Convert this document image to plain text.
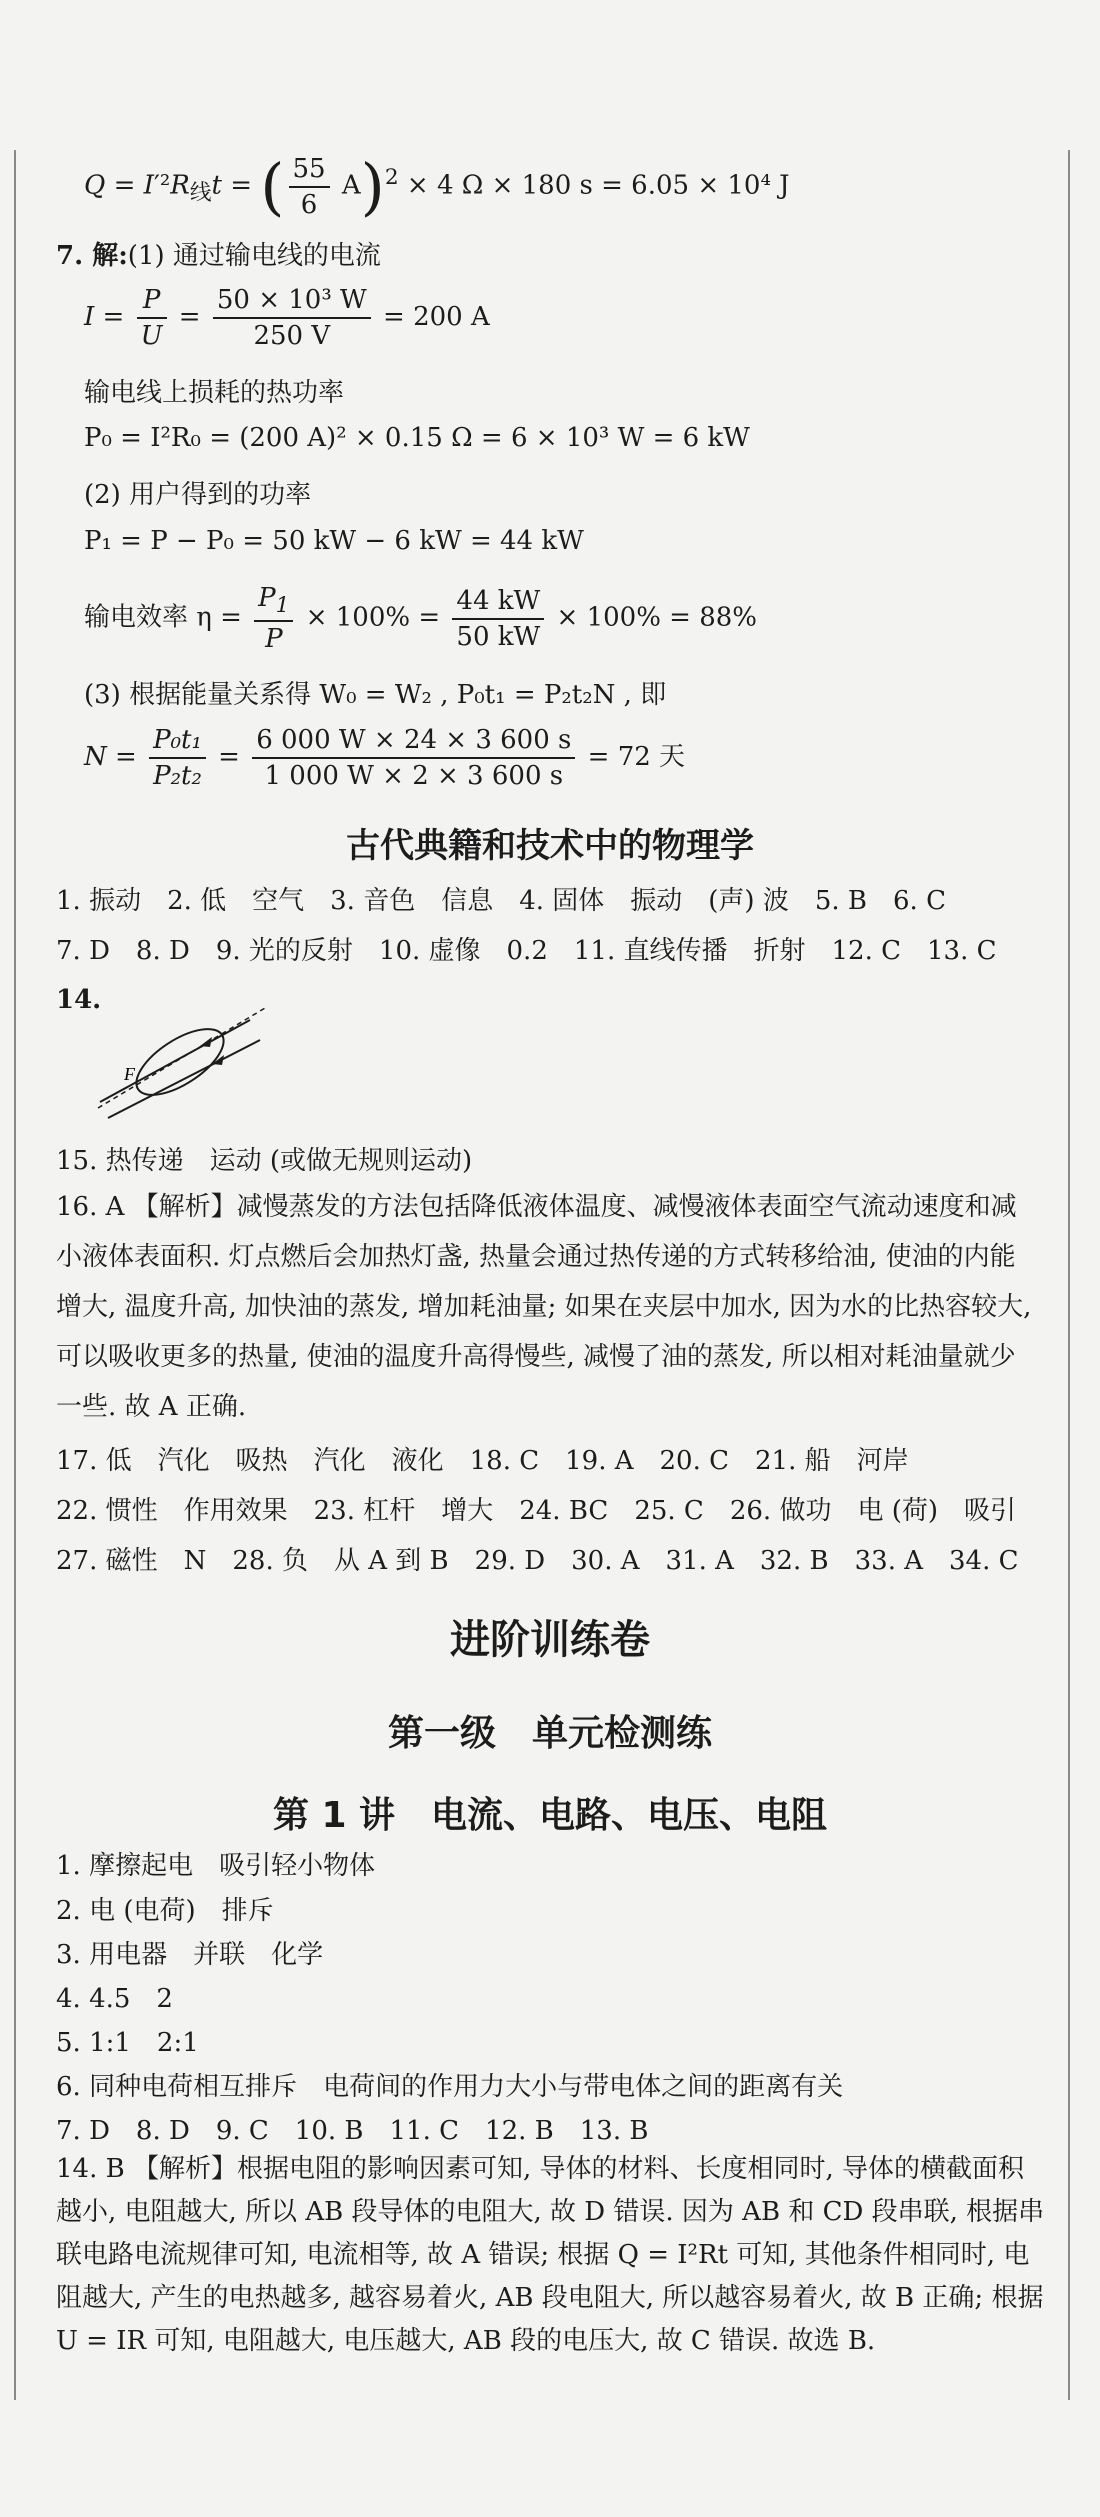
$Q = I'^2R_线t$ = ( $\frac{55}{6} A)^2 \times 4$ Ω × 180 s = 6.05 × 10⁴ J
7. 解:(1) 通过输电线的电流
$I = \frac{P}{U} = \frac{\text{50 × 10³ W}}{250 V} = 200$ A
输电线上损耗的热功率
P₀ = I²R₀ = (200 A)² × 0.15 Ω = 6 × 10³ W = 6 kW
(2) 用户得到的功率
P₁ = P − P₀ = 50 kW − 6 kW = 44 kW
输电效率 $\eta = \frac{P_1}{P} \times 100\% = \frac{44 kW}{50 kW} \times 100\% = 88\%$
(3) 根据能量关系得 W₀ = W₂ , P₀t₁ = P₂t₂N , 即
$N = \frac{\text{P₀t₁}}{\text{P₂t₂}} = \frac{6 000 W \times 24 \times 3 600 s}{1 000 W \times 2 \times 3 600 s} = 72$ 天
古代典籍和技术中的物理学
1. 振动　2. 低　空气　3. 音色　信息　4. 固体　振动　(声) 波　5. B　6. C
7. D　8. D　9. 光的反射　10. 虚像　0.2　11. 直线传播　折射　12. C　13. C
14.
F
15. 热传递　运动 (或做无规则运动)
16. A 【解析】减慢蒸发的方法包括降低液体温度、减慢液体表面空气流动速度和减小液体表面积. 灯点燃后会加热灯盏, 热量会通过热传递的方式转移给油, 使油的内能增大, 温度升高, 加快油的蒸发, 增加耗油量; 如果在夹层中加水, 因为水的比热容较大, 可以吸收更多的热量, 使油的温度升高得慢些, 减慢了油的蒸发, 所以相对耗油量就少一些. 故 A 正确.
17. 低　汽化　吸热　汽化　液化　18. C　19. A　20. C　21. 船　河岸
22. 惯性　作用效果　23. 杠杆　增大　24. BC　25. C　26. 做功　电 (荷)　吸引
27. 磁性　N　28. 负　从 A 到 B　29. D　30. A　31. A　32. B　33. A　34. C
进阶训练卷
第一级　单元检测练
第 1 讲　电流、电路、电压、电阻
1. 摩擦起电　吸引轻小物体
2. 电 (电荷)　排斥
3. 用电器　并联　化学
4. 4.5　2
5. 1:1　2:1
6. 同种电荷相互排斥　电荷间的作用力大小与带电体之间的距离有关
7. D　8. D　9. C　10. B　11. C　12. B　13. B
14. B 【解析】根据电阻的影响因素可知, 导体的材料、长度相同时, 导体的横截面积越小, 电阻越大, 所以 AB 段导体的电阻大, 故 D 错误. 因为 AB 和 CD 段串联, 根据串联电路电流规律可知, 电流相等, 故 A 错误; 根据 Q = I²Rt 可知, 其他条件相同时, 电阻越大, 产生的电热越多, 越容易着火, AB 段电阻大, 所以越容易着火, 故 B 正确; 根据 U = IR 可知, 电阻越大, 电压越大, AB 段的电压大, 故 C 错误. 故选 B.
